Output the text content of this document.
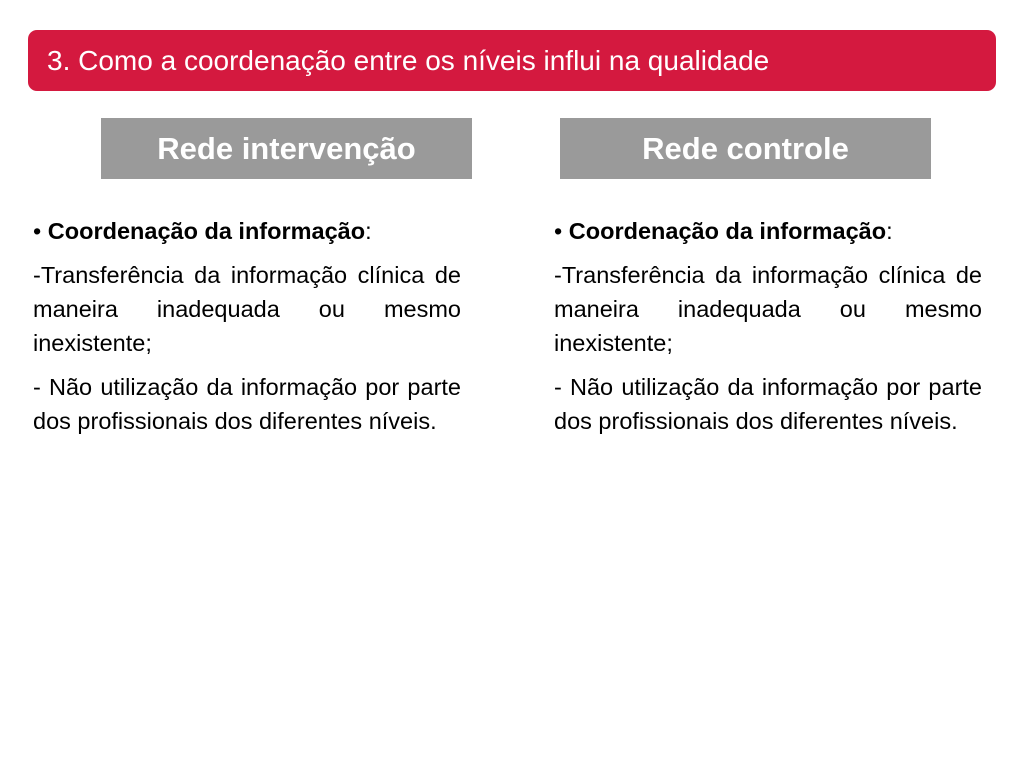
3. Como a coordenação entre os níveis influi na qualidade
Rede intervenção	Rede controle
• Coordenação da informação:

-Transferência da informação clínica de maneira inadequada ou mesmo inexistente;

- Não utilização da informação por parte dos profissionais dos diferentes níveis.

• Coordenação da informação:

-Transferência da informação clínica de maneira inadequada ou mesmo inexistente;

- Não utilização da informação por parte dos profissionais dos diferentes níveis.
